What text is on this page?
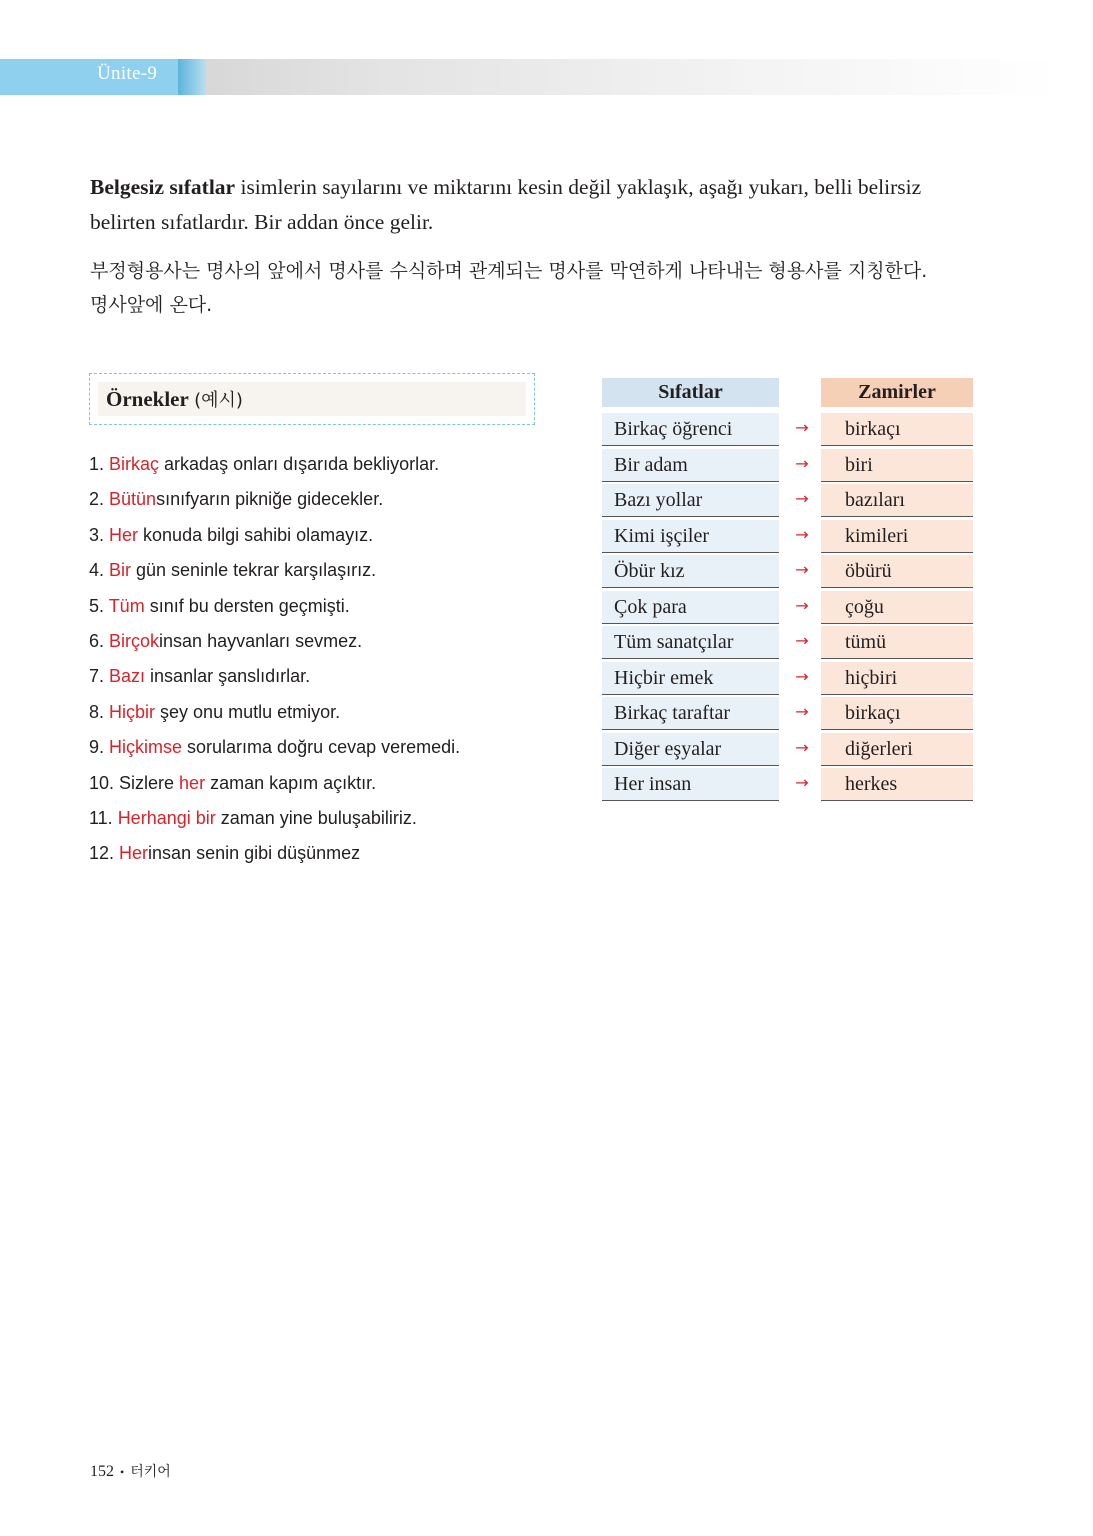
Ünite-9
Belgesiz sıfatlar isimlerin sayılarını ve miktarını kesin değil yaklaşık, aşağı yukarı, belli belirsiz
belirten sıfatlardır. Bir addan önce gelir.
부정형용사는 명사의 앞에서 명사를 수식하며 관계되는 명사를 막연하게 나타내는 형용사를 지칭한다.
명사앞에 온다.
Örnekler (예시)
1. Birkaç arkadaş onları dışarıda bekliyorlar.
2. Bütünsınıfyarın pikniğe gidecekler.
3. Her konuda bilgi sahibi olamayız.
4. Bir gün seninle tekrar karşılaşırız.
5. Tüm sınıf bu dersten geçmişti.
6. Birçokinsan hayvanları sevmez.
7. Bazı insanlar şanslıdırlar.
8. Hiçbir şey onu mutlu etmiyor.
9. Hiçkimse sorularıma doğru cevap veremedi.
10. Sizlere her zaman kapım açıktır.
11. Herhangi bir zaman yine buluşabiliriz.
12. Herinsan senin gibi düşünmez
Sıfatlar	Zamirler
Birkaç öğrenci	→	birkaçı
Bir adam	→	biri
Bazı yollar	→	bazıları
Kimi işçiler	→	kimileri
Öbür kız	→	öbürü
Çok para	→	çoğu
Tüm sanatçılar	→	tümü
Hiçbir emek	→	hiçbiri
Birkaç taraftar	→	birkaçı
Diğer eşyalar	→	diğerleri
Her insan	→	herkes
152 • 터키어
